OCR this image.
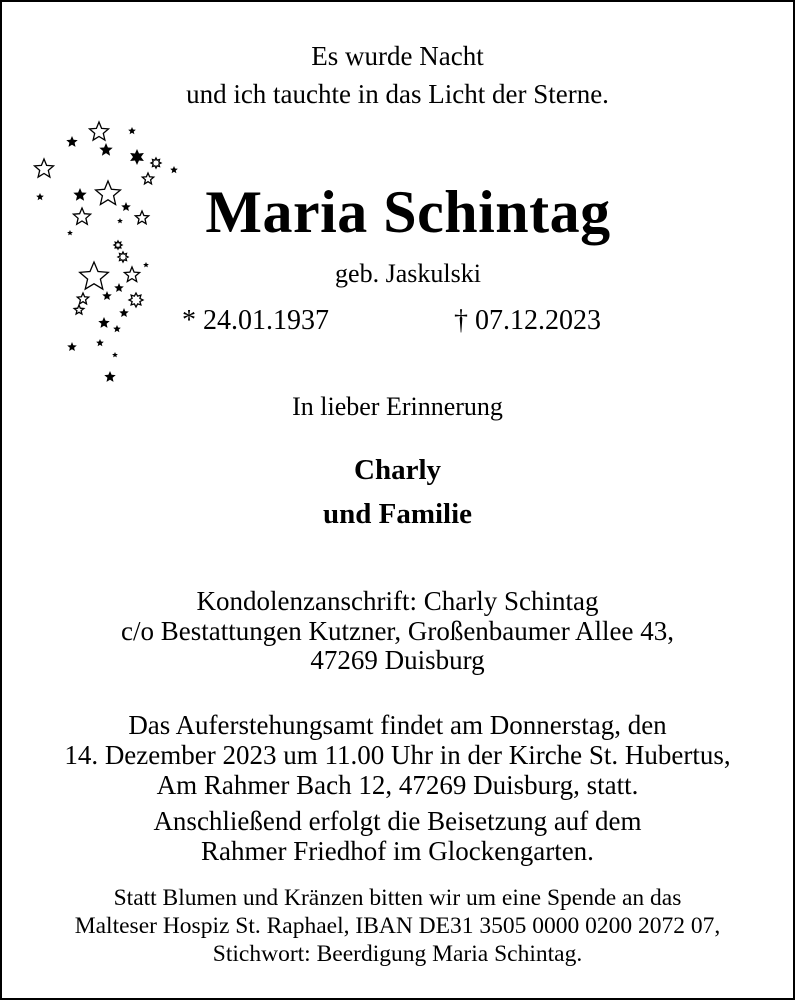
Es wurde Nacht
und ich tauchte in das Licht der Sterne.
Maria Schintag
geb. Jaskulski
* 24.01.1937	† 07.12.2023
In lieber Erinnerung
Charly
und Familie
Kondolenzanschrift: Charly Schintag
c/o Bestattungen Kutzner, Großenbaumer Allee 43,
47269 Duisburg
Das Auferstehungsamt findet am Donnerstag, den
14. Dezember 2023 um 11.00 Uhr in der Kirche St. Hubertus,
Am Rahmer Bach 12, 47269 Duisburg, statt.
Anschließend erfolgt die Beisetzung auf dem
Rahmer Friedhof im Glockengarten.
Statt Blumen und Kränzen bitten wir um eine Spende an das
Malteser Hospiz St. Raphael, IBAN DE31 3505 0000 0200 2072 07,
Stichwort: Beerdigung Maria Schintag.
